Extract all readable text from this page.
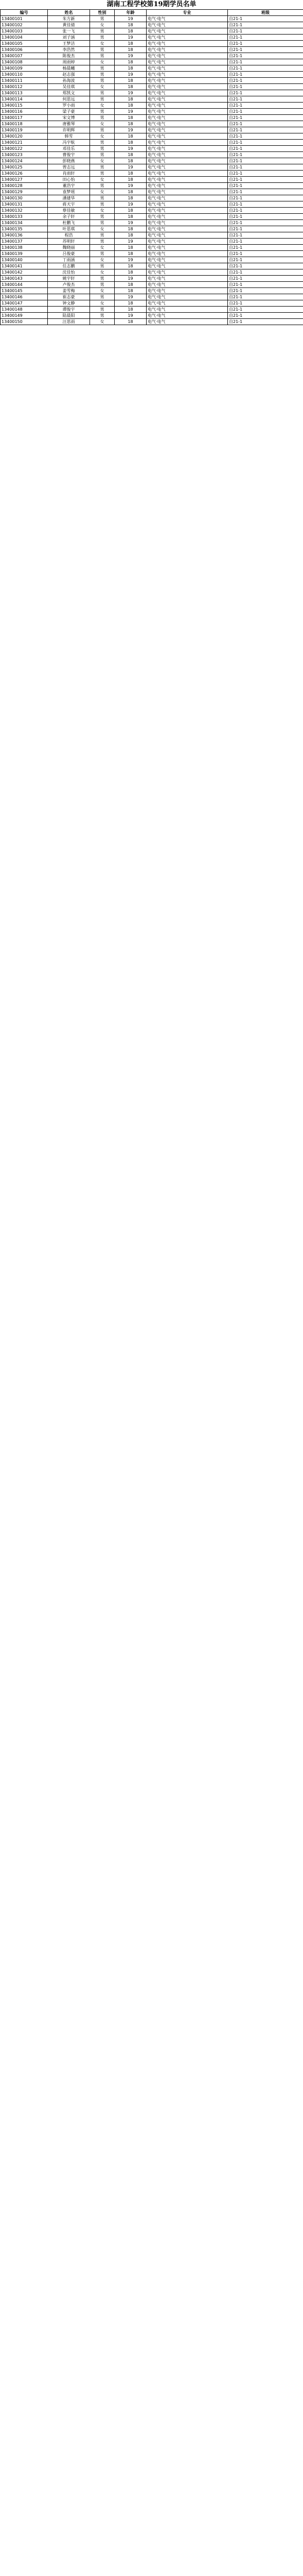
湖南工程学校第19期学员名单
编号	姓名	性别	年龄	专业	班级
13400101	朱方新	男	19	电气·电气	自21-1
13400102	黄佳倩	女	18	电气·电气	自21-1
13400103	张一飞	男	18	电气·电气	自21-1
13400104	刘子涵	男	19	电气·电气	自21-1
13400105	王梦洁	女	18	电气·电气	自21-1
13400106	李浩然	男	18	电气·电气	自21-1
13400107	陈俊杰	男	19	电气·电气	自21-1
13400108	周雨婷	女	18	电气·电气	自21-1
13400109	杨晨曦	男	18	电气·电气	自21-1
13400110	赵志强	男	19	电气·电气	自21-1
13400111	孙海波	男	18	电气·电气	自21-1
13400112	吴佳琪	女	18	电气·电气	自21-1
13400113	郑凯文	男	19	电气·电气	自21-1
13400114	何思远	男	18	电气·电气	自21-1
13400115	罗小雨	女	18	电气·电气	自21-1
13400116	梁子豪	男	19	电气·电气	自21-1
13400117	宋文博	男	18	电气·电气	自21-1
13400118	唐雅琴	女	18	电气·电气	自21-1
13400119	许明辉	男	19	电气·电气	自21-1
13400120	韩雪	女	18	电气·电气	自21-1
13400121	冯宇航	男	18	电气·电气	自21-1
13400122	邓佳乐	男	19	电气·电气	自21-1
13400123	曹俊宇	男	18	电气·电气	自21-1
13400124	彭晓燕	女	18	电气·电气	自21-1
13400125	曾志远	男	19	电气·电气	自21-1
13400126	肖雨轩	男	18	电气·电气	自21-1
13400127	田心怡	女	18	电气·电气	自21-1
13400128	董浩宇	男	19	电气·电气	自21-1
13400129	袁梦瑶	女	18	电气·电气	自21-1
13400130	潘建华	男	18	电气·电气	自21-1
13400131	蒋天宇	男	19	电气·电气	自21-1
13400132	蔡佳敏	女	18	电气·电气	自21-1
13400133	余子轩	男	18	电气·电气	自21-1
13400134	杜鹏飞	男	19	电气·电气	自21-1
13400135	叶思琪	女	18	电气·电气	自21-1
13400136	程浩	男	18	电气·电气	自21-1
13400137	苏明轩	男	19	电气·电气	自21-1
13400138	魏晓丽	女	18	电气·电气	自21-1
13400139	吕俊豪	男	18	电气·电气	自21-1
13400140	丁雨涵	女	19	电气·电气	自21-1
13400141	任志鹏	男	18	电气·电气	自21-1
13400142	沈佳怡	女	18	电气·电气	自21-1
13400143	姚宇轩	男	19	电气·电气	自21-1
13400144	卢俊杰	男	18	电气·电气	自21-1
13400145	姜雪梅	女	18	电气·电气	自21-1
13400146	崔志豪	男	19	电气·电气	自21-1
13400147	钟文静	女	18	电气·电气	自21-1
13400148	谭俊宇	男	18	电气·电气	自21-1
13400149	陆晨阳	男	19	电气·电气	自21-1
13400150	汪思雨	女	18	电气·电气	自21-1
